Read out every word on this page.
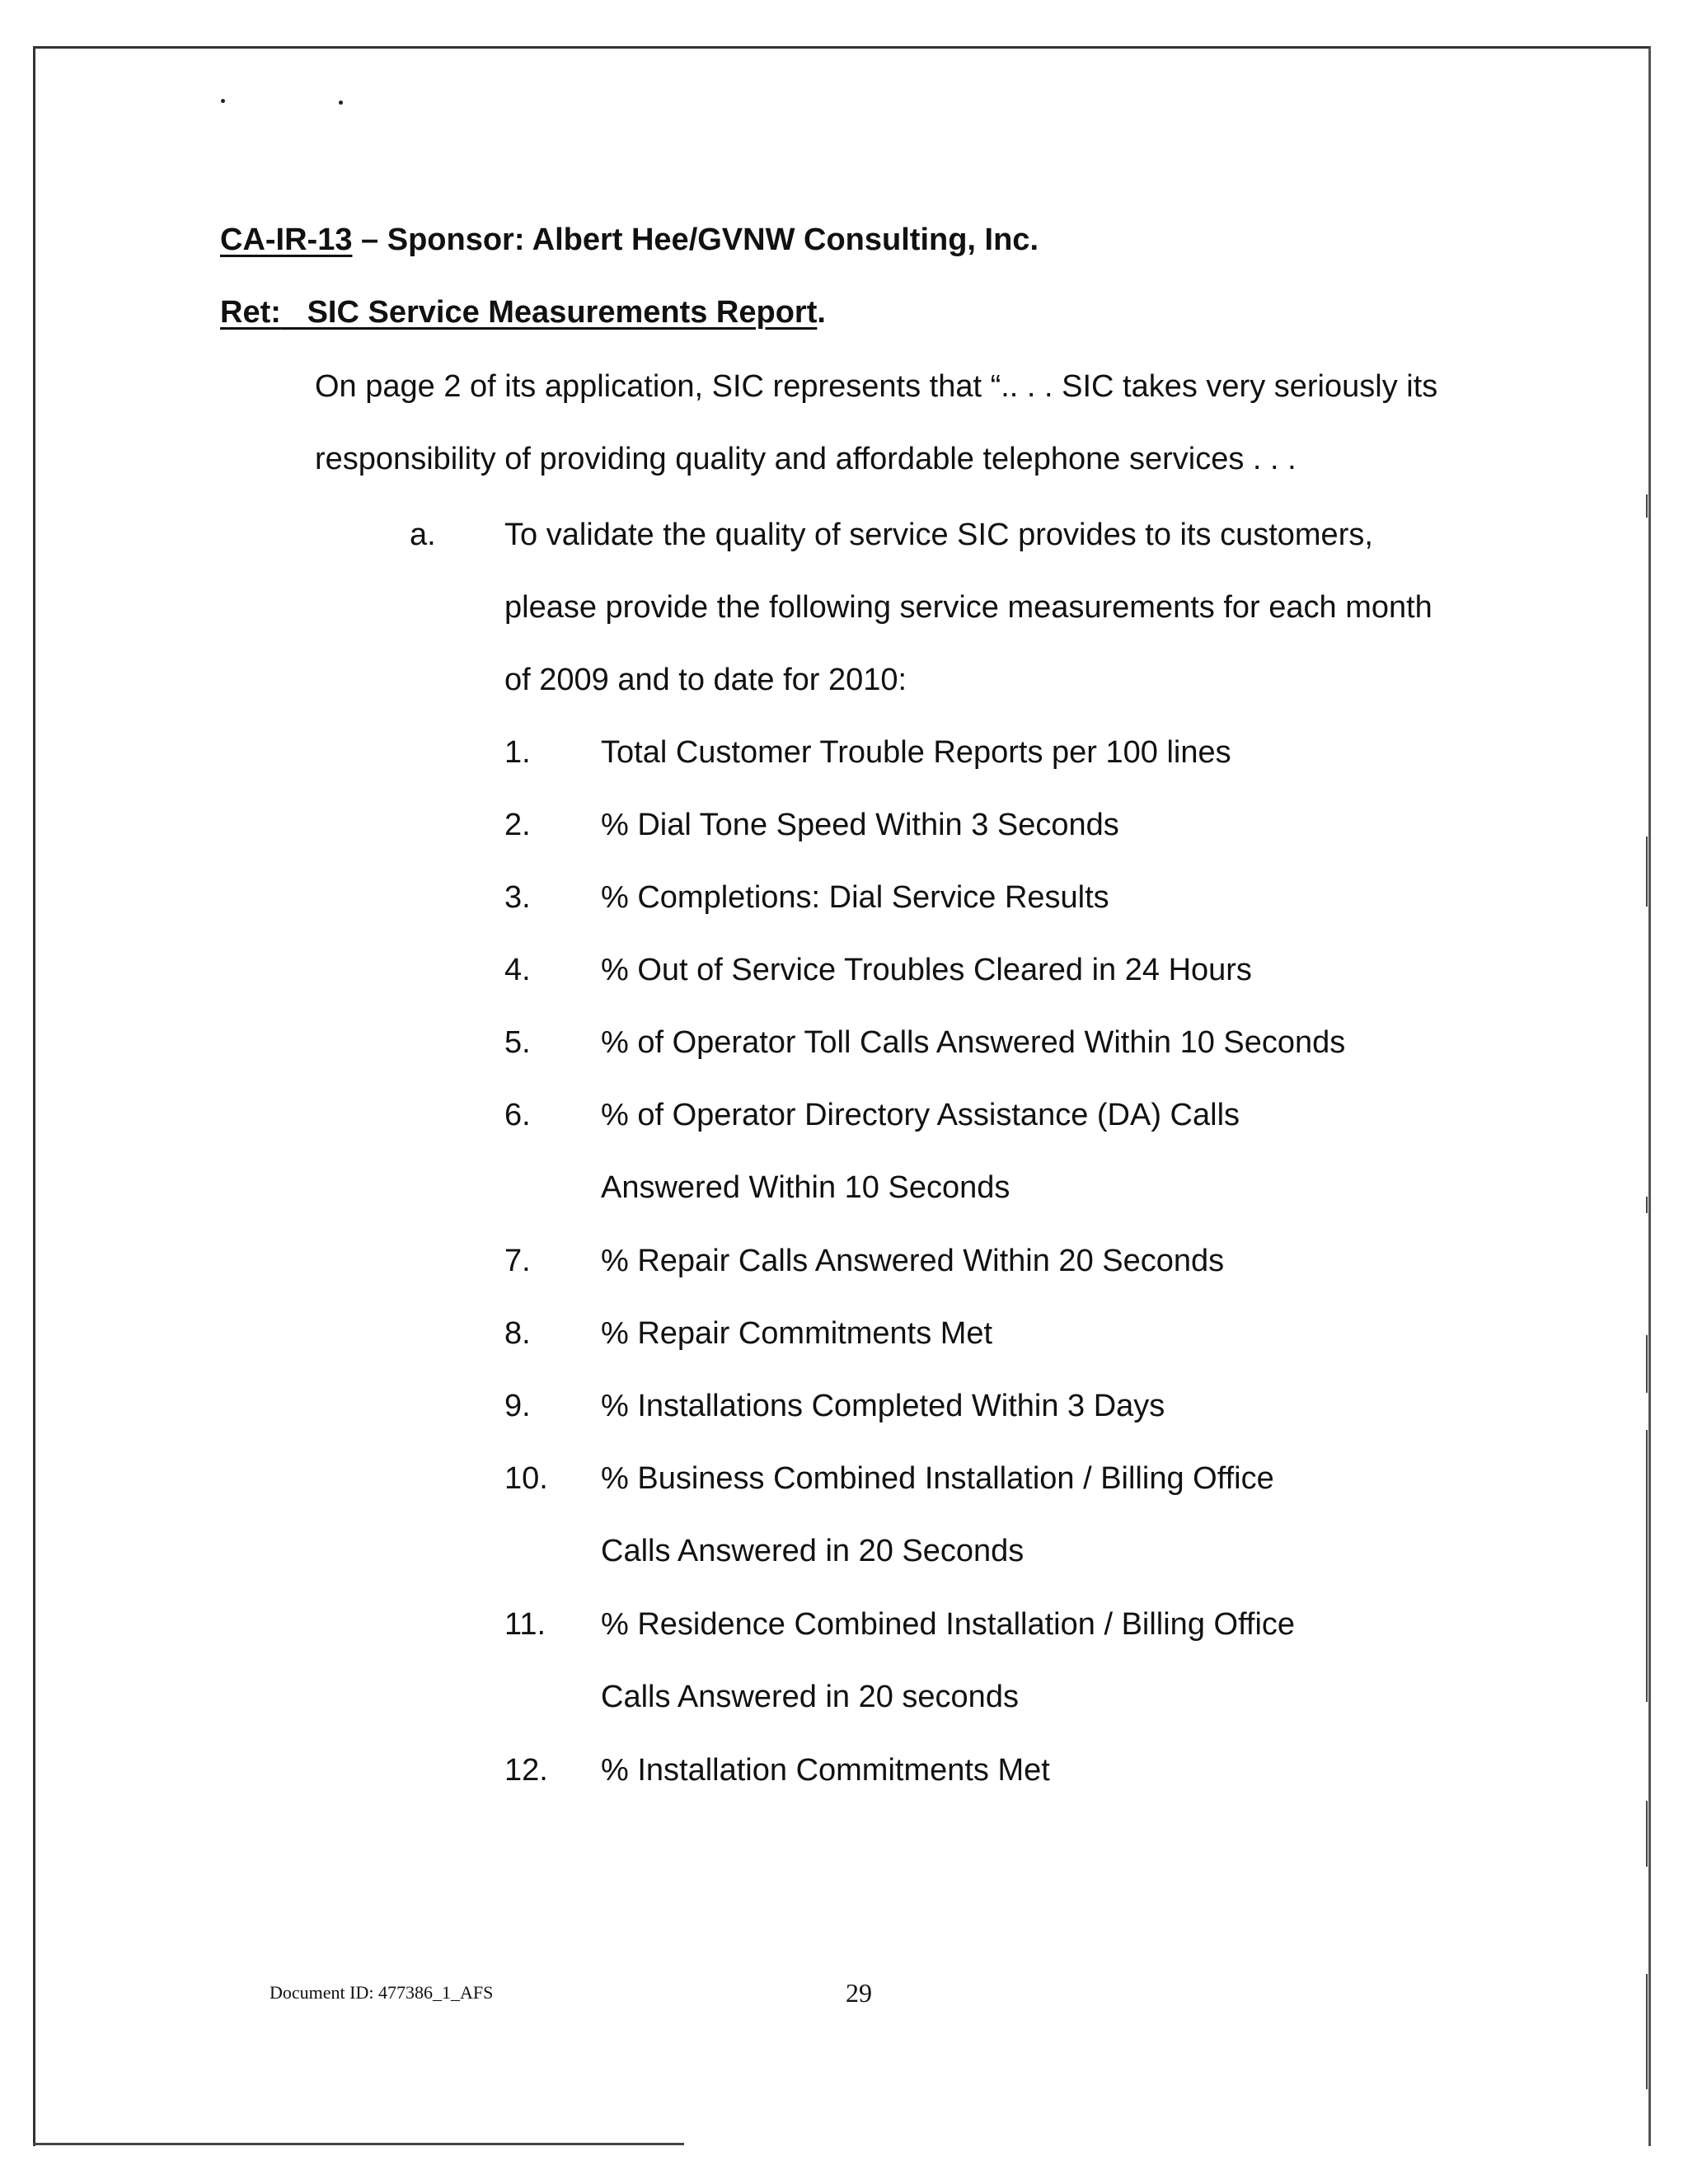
CA-IR-13 – Sponsor: Albert Hee/GVNW Consulting, Inc.
Ret: SIC Service Measurements Report.
On page 2 of its application, SIC represents that “.. . . SIC takes very seriously its
responsibility of providing quality and affordable telephone services . . .
a. To validate the quality of service SIC provides to its customers,
please provide the following service measurements for each month
of 2009 and to date for 2010:
1. Total Customer Trouble Reports per 100 lines
2. % Dial Tone Speed Within 3 Seconds
3. % Completions: Dial Service Results
4. % Out of Service Troubles Cleared in 24 Hours
5. % of Operator Toll Calls Answered Within 10 Seconds
6. % of Operator Directory Assistance (DA) Calls
Answered Within 10 Seconds
7. % Repair Calls Answered Within 20 Seconds
8. % Repair Commitments Met
9. % Installations Completed Within 3 Days
10. % Business Combined Installation / Billing Office
Calls Answered in 20 Seconds
11. % Residence Combined Installation / Billing Office
Calls Answered in 20 seconds
12. % Installation Commitments Met
Document ID: 477386_1_AFS	29
